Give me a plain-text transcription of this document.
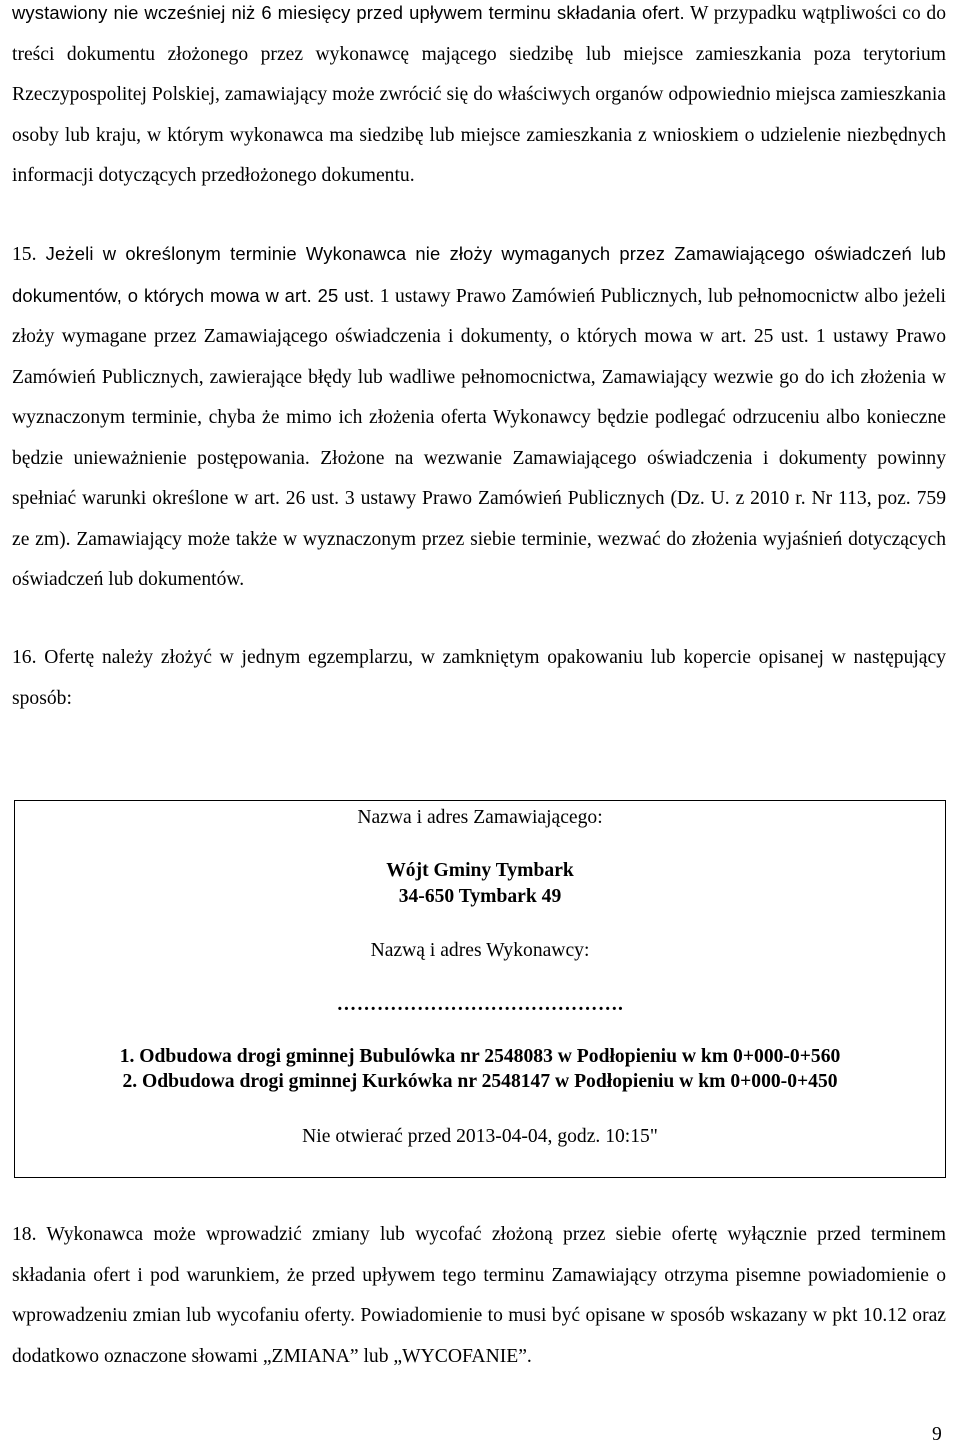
wystawiony nie wcześniej niż 6 miesięcy przed upływem terminu składania ofert. W przypadku wątpliwości co do treści dokumentu złożonego przez wykonawcę mającego siedzibę lub miejsce zamieszkania poza terytorium Rzeczypospolitej Polskiej, zamawiający może zwrócić się do właściwych organów odpowiednio miejsca zamieszkania osoby lub kraju, w którym wykonawca ma siedzibę lub miejsce zamieszkania z wnioskiem o udzielenie niezbędnych informacji dotyczących przedłożonego dokumentu.

15. Jeżeli w określonym terminie Wykonawca nie złoży wymaganych przez Zamawiającego oświadczeń lub dokumentów, o których mowa w art. 25 ust. 1 ustawy Prawo Zamówień Publicznych, lub pełnomocnictw albo jeżeli złoży wymagane przez Zamawiającego oświadczenia i dokumenty, o których mowa w art. 25 ust. 1 ustawy Prawo Zamówień Publicznych, zawierające błędy lub wadliwe pełnomocnictwa, Zamawiający wezwie go do ich złożenia w wyznaczonym terminie, chyba że mimo ich złożenia oferta Wykonawcy będzie podlegać odrzuceniu albo konieczne będzie unieważnienie postępowania. Złożone na wezwanie Zamawiającego oświadczenia i dokumenty powinny spełniać warunki określone w art. 26 ust. 3 ustawy Prawo Zamówień Publicznych (Dz. U. z 2010 r. Nr 113, poz. 759 ze zm). Zamawiający może także w wyznaczonym przez siebie terminie, wezwać do złożenia wyjaśnień dotyczących oświadczeń lub dokumentów.

16. Ofertę należy złożyć w jednym egzemplarzu, w zamkniętym opakowaniu lub kopercie opisanej w następujący sposób:

Nazwa i adres Zamawiającego:
Wójt Gminy Tymbark
34-650 Tymbark 49
Nazwą i adres Wykonawcy:
…………………………………….
1. Odbudowa drogi gminnej Bubulówka nr 2548083 w Podłopieniu w km 0+000-0+560
2. Odbudowa drogi gminnej Kurkówka nr 2548147 w Podłopieniu w km 0+000-0+450
Nie otwierać przed 2013-04-04, godz. 10:15"

18. Wykonawca może wprowadzić zmiany lub wycofać złożoną przez siebie ofertę wyłącznie przed terminem składania ofert i pod warunkiem, że przed upływem tego terminu Zamawiający otrzyma pisemne powiadomienie o wprowadzeniu zmian lub wycofaniu oferty. Powiadomienie to musi być opisane w sposób wskazany w pkt 10.12 oraz dodatkowo oznaczone słowami „ZMIANA” lub „WYCOFANIE”.

9
